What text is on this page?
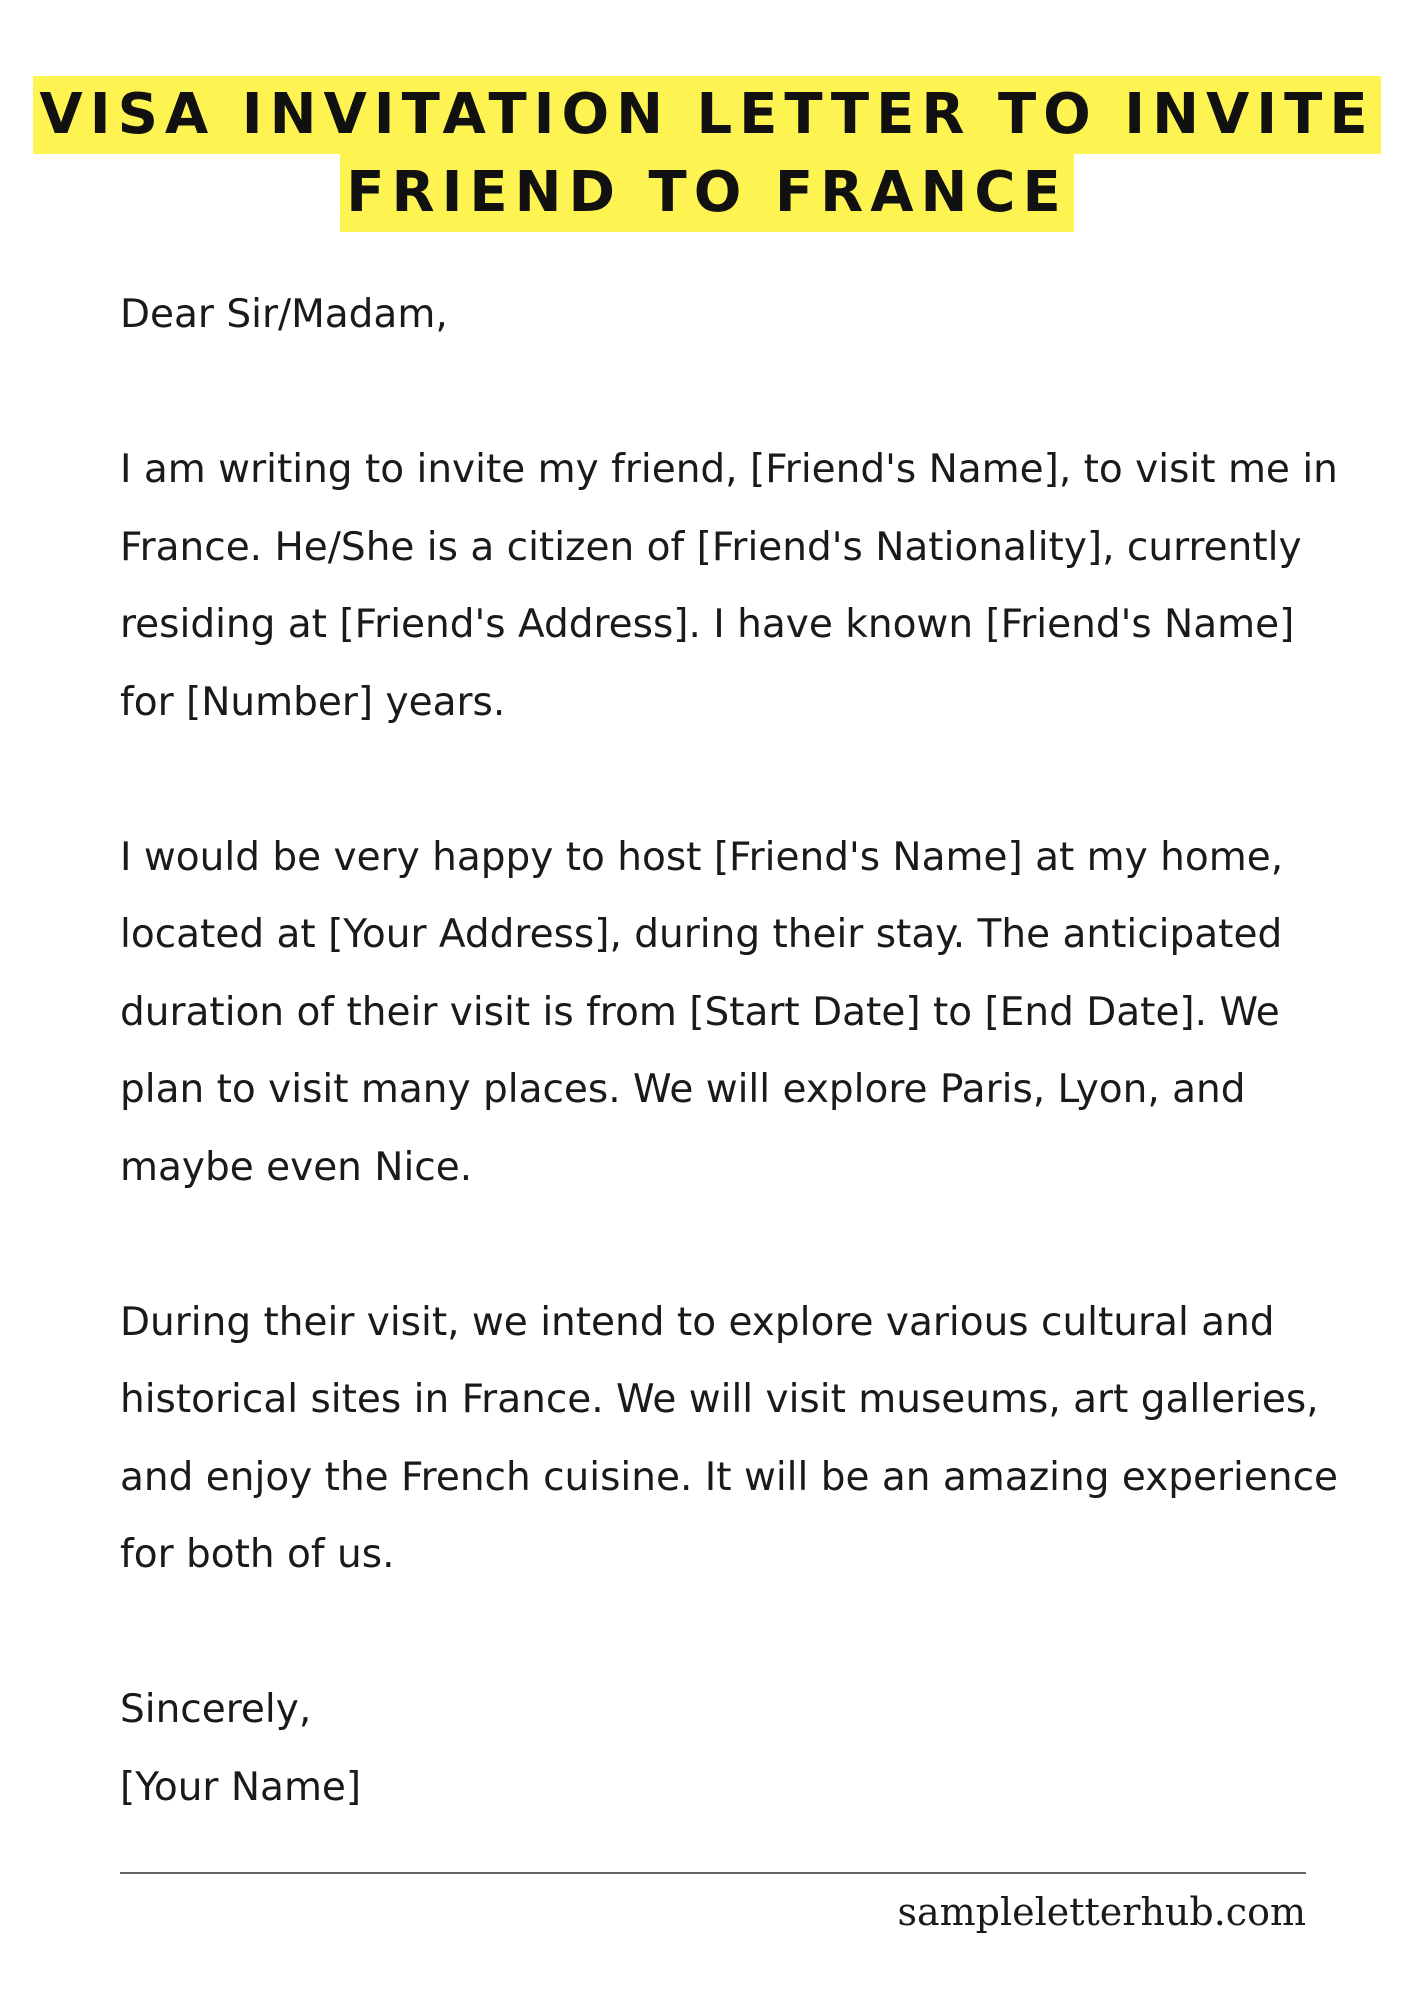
VISA INVITATION LETTER TO INVITE
FRIEND TO FRANCE

Dear Sir/Madam,

I am writing to invite my friend, [Friend's Name], to visit me in France. He/She is a citizen of [Friend's Nationality], currently residing at [Friend's Address]. I have known [Friend's Name] for [Number] years.

I would be very happy to host [Friend's Name] at my home, located at [Your Address], during their stay. The anticipated duration of their visit is from [Start Date] to [End Date]. We plan to visit many places. We will explore Paris, Lyon, and maybe even Nice.

During their visit, we intend to explore various cultural and historical sites in France. We will visit museums, art galleries, and enjoy the French cuisine. It will be an amazing experience for both of us.

Sincerely,
[Your Name]

sampleletterhub.com
